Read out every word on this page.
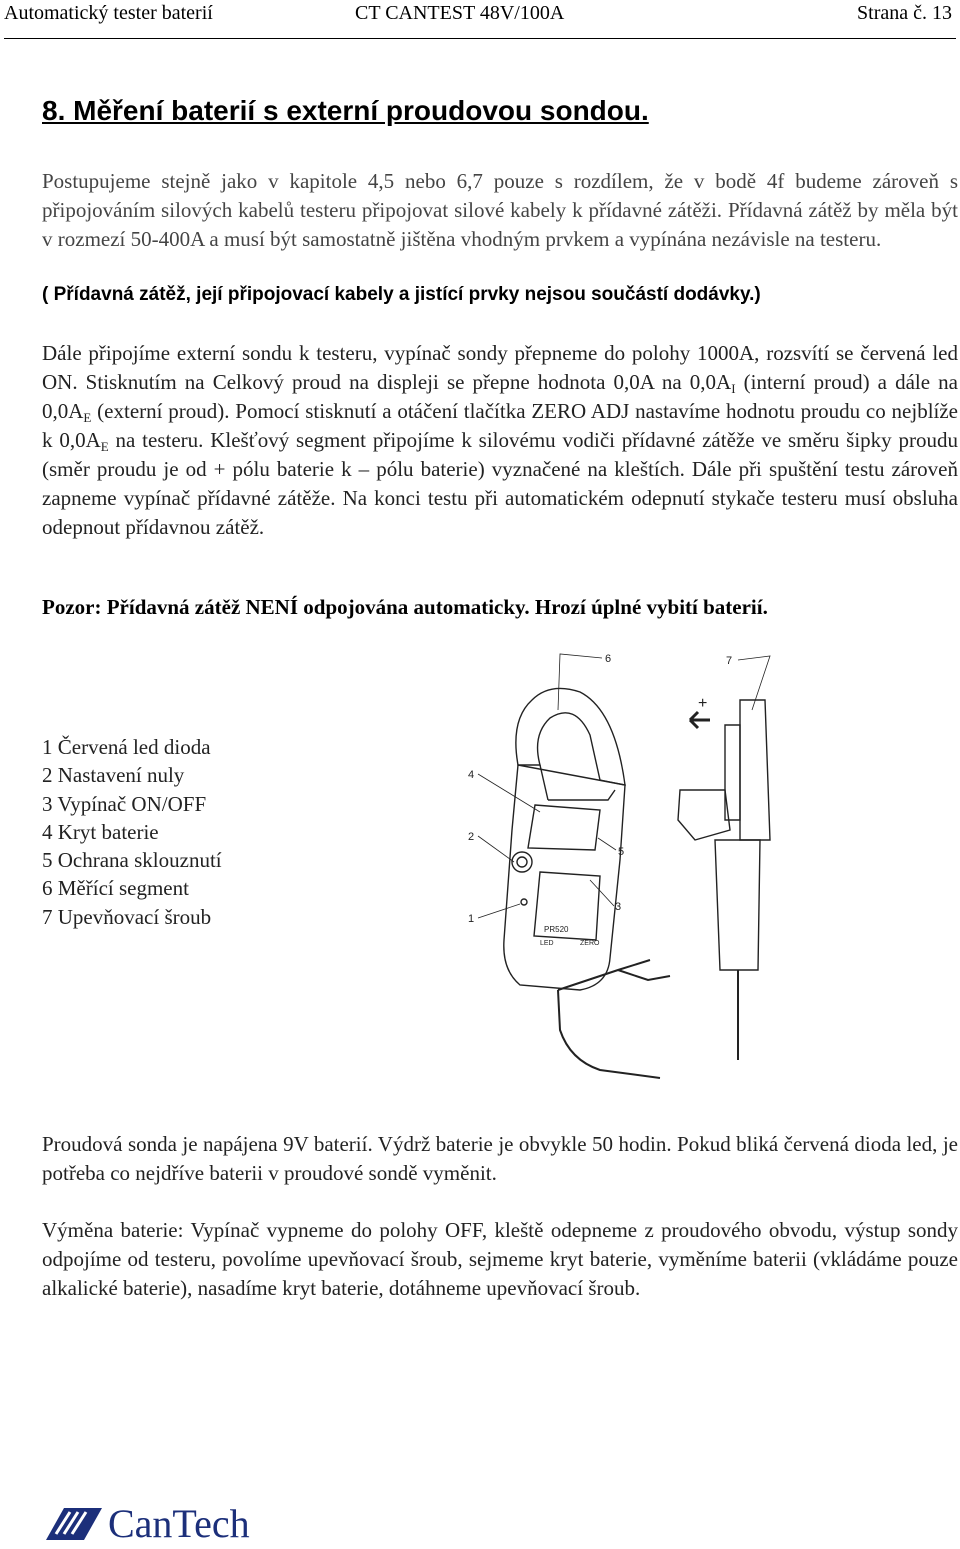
Automatický tester baterií	CT CANTEST 48V/100A	Strana č. 13
8. Měření baterií s externí proudovou sondou.

Postupujeme stejně jako v kapitole 4,5 nebo 6,7 pouze s rozdílem, že v bodě 4f budeme zároveň s připojováním silových kabelů testeru připojovat silové kabely k přídavné zátěži. Přídavná zátěž by měla být v rozmezí 50-400A a musí být samostatně jištěna vhodným prvkem a vypínána nezávisle na testeru.

( Přídavná zátěž, její připojovací kabely a jistící prvky nejsou součástí dodávky.)

Dále připojíme externí sondu k testeru, vypínač sondy přepneme do polohy 1000A, rozsvítí se červená led ON. Stisknutím na Celkový proud na displeji se přepne hodnota 0,0A na $0,0A_I$ (interní proud) a dále na $0,0A_E$ (externí proud). Pomocí stisknutí a otáčení tlačítka ZERO ADJ nastavíme hodnotu proudu co nejblíže k $0,0A_E$ na testeru. Klešťový segment připojíme k silovému vodiči přídavné zátěže ve směru šipky proudu (směr proudu je od + pólu baterie k – pólu baterie) vyznačené na kleštích. Dále při spuštění testu zároveň zapneme vypínač přídavné zátěže. Na konci testu při automatickém odepnutí stykače testeru musí obsluha odepnout přídavnou zátěž.

Pozor: Přídavná zátěž NENÍ odpojována automaticky. Hrozí úplné vybití baterií.

1 Červená led dioda
2 Nastavení nuly
3 Vypínač ON/OFF
4 Kryt baterie
5 Ochrana sklouznutí
6 Měřící segment
7 Upevňovací šroub
PR520
LED	ZERO
+
1
2
3
4
5
6	7

Proudová sonda je napájena 9V baterií. Výdrž baterie je obvykle 50 hodin. Pokud bliká červená dioda led, je potřeba co nejdříve baterii v proudové sondě vyměnit.

Výměna baterie: Vypínač vypneme do polohy OFF, kleště odepneme z proudového obvodu, výstup sondy odpojíme od testeru, povolíme upevňovací šroub, sejmeme kryt baterie, vyměníme baterii (vkládáme pouze alkalické baterie), nasadíme kryt baterie, dotáhneme upevňovací šroub.

CanTech
